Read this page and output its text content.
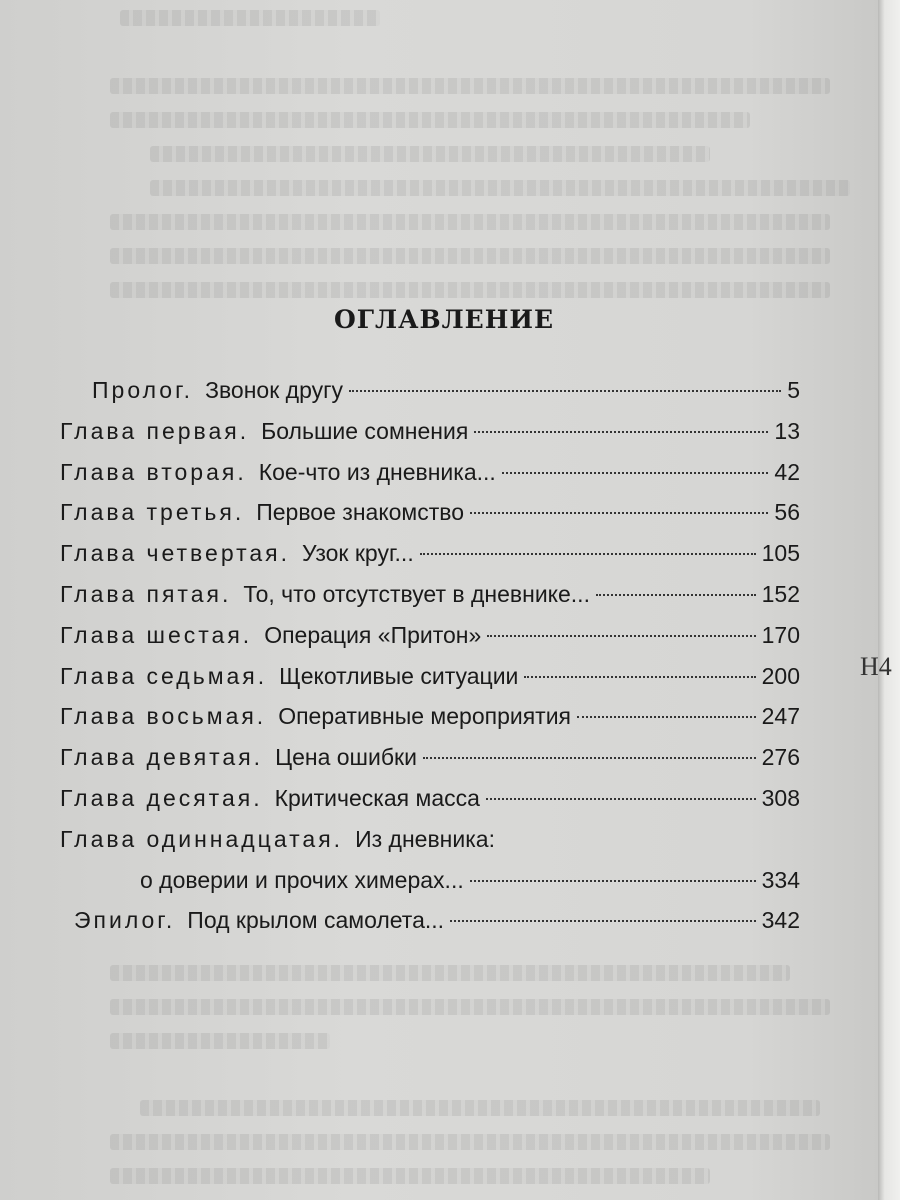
ОГЛАВЛЕНИЕ
Пролог. Звонок другу	5
Глава первая. Большие сомнения	13
Глава вторая. Кое-что из дневника...	42
Глава третья. Первое знакомство	56
Глава четвертая. Узок круг...	105
Глава пятая. То, что отсутствует в дневнике...	152
Глава шестая. Операция «Притон»	170
Глава седьмая. Щекотливые ситуации	200
Глава восьмая. Оперативные мероприятия	247
Глава девятая. Цена ошибки	276
Глава десятая. Критическая масса	308
Глава одиннадцатая. Из дневника:
о доверии и прочих химерах...	334
Эпилог. Под крылом самолета...	342
Н4
